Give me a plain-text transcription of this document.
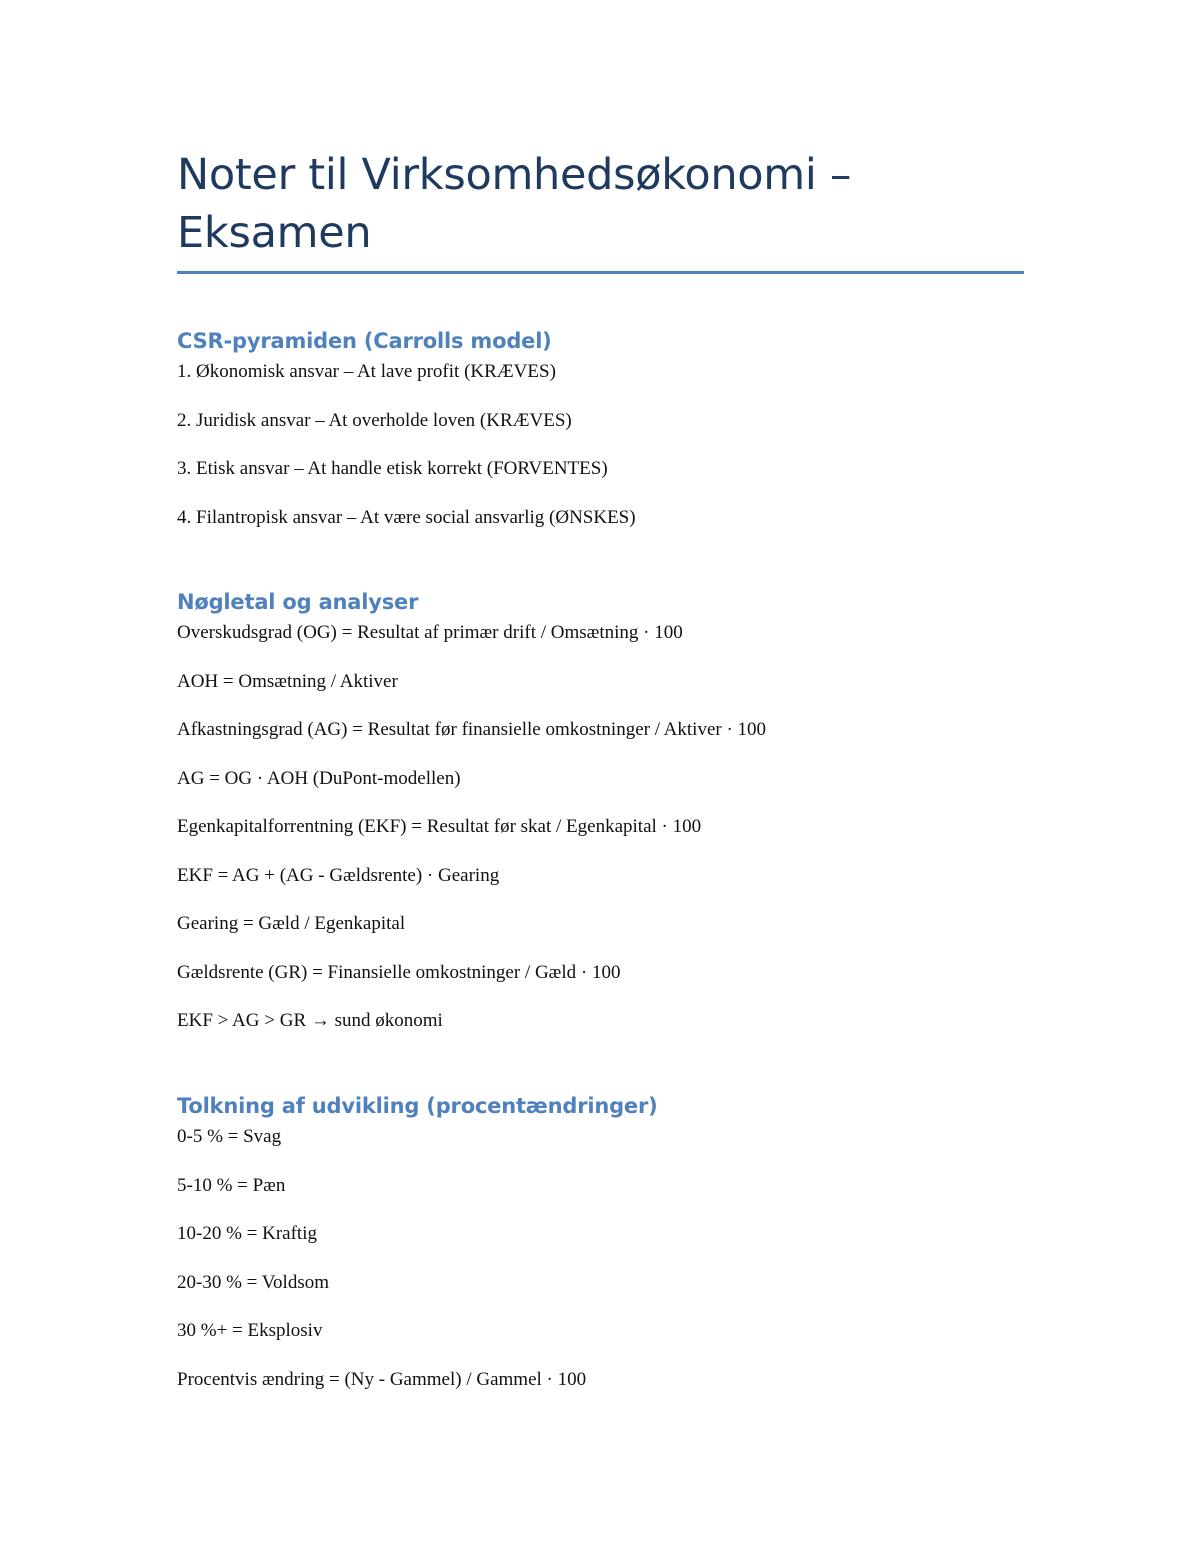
Noter til Virksomhedsøkonomi – Eksamen
CSR-pyramiden (Carrolls model)

1. Økonomisk ansvar – At lave profit (KRÆVES)

2. Juridisk ansvar – At overholde loven (KRÆVES)

3. Etisk ansvar – At handle etisk korrekt (FORVENTES)

4. Filantropisk ansvar – At være social ansvarlig (ØNSKES)

Nøgletal og analyser

Overskudsgrad (OG) = Resultat af primær drift / Omsætning · 100

AOH = Omsætning / Aktiver

Afkastningsgrad (AG) = Resultat før finansielle omkostninger / Aktiver · 100

AG = OG · AOH (DuPont-modellen)

Egenkapitalforrentning (EKF) = Resultat før skat / Egenkapital · 100

EKF = AG + (AG - Gældsrente) · Gearing

Gearing = Gæld / Egenkapital

Gældsrente (GR) = Finansielle omkostninger / Gæld · 100

EKF > AG > GR → sund økonomi

Tolkning af udvikling (procentændringer)

0-5 % = Svag

5-10 % = Pæn

10-20 % = Kraftig

20-30 % = Voldsom

30 %+ = Eksplosiv

Procentvis ændring = (Ny - Gammel) / Gammel · 100
